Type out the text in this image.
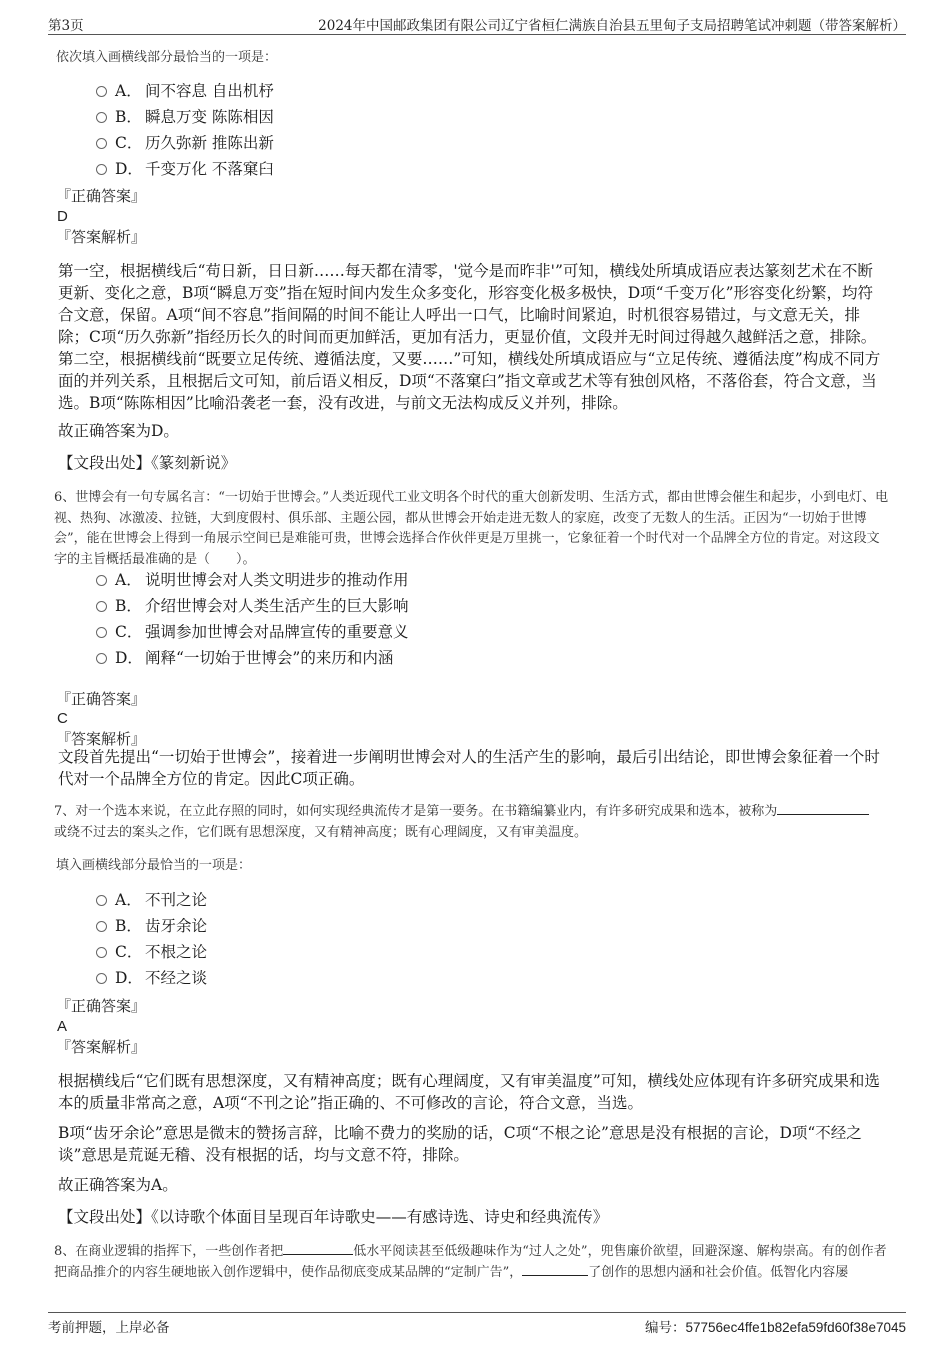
第3页	2024年中国邮政集团有限公司辽宁省桓仁满族自治县五里甸子支局招聘笔试冲刺题（带答案解析）
依次填入画横线部分最恰当的一项是：
A． 间不容息 自出机杼
B． 瞬息万变 陈陈相因
C． 历久弥新 推陈出新
D． 千变万化 不落窠臼
『正确答案』
D
『答案解析』
第一空，根据横线后“苟日新，日日新……每天都在清零，'觉今是而昨非'”可知，横线处所填成语应表达篆刻艺术在不断更新、变化之意，B项“瞬息万变”指在短时间内发生众多变化，形容变化极多极快，D项“千变万化”形容变化纷繁，均符合文意，保留。A项“间不容息”指间隔的时间不能让人呼出一口气，比喻时间紧迫，时机很容易错过，与文意无关，排除；C项“历久弥新”指经历长久的时间而更加鲜活，更加有活力，更显价值，文段并无时间过得越久越鲜活之意，排除。
第二空，根据横线前“既要立足传统、遵循法度，又要……”可知，横线处所填成语应与“立足传统、遵循法度”构成不同方面的并列关系，且根据后文可知，前后语义相反，D项“不落窠臼”指文章或艺术等有独创风格，不落俗套，符合文意，当选。B项“陈陈相因”比喻沿袭老一套，没有改进，与前文无法构成反义并列，排除。
故正确答案为D。
【文段出处】《篆刻新说》
6、世博会有一句专属名言：“一切始于世博会。”人类近现代工业文明各个时代的重大创新发明、生活方式，都由世博会催生和起步，小到电灯、电视、热狗、冰激凌、拉链，大到度假村、俱乐部、主题公园，都从世博会开始走进无数人的家庭，改变了无数人的生活。正因为“一切始于世博会”，能在世博会上得到一角展示空间已是难能可贵，世博会选择合作伙伴更是万里挑一，它象征着一个时代对一个品牌全方位的肯定。对这段文字的主旨概括最准确的是（　　）。
A． 说明世博会对人类文明进步的推动作用
B． 介绍世博会对人类生活产生的巨大影响
C． 强调参加世博会对品牌宣传的重要意义
D． 阐释“一切始于世博会”的来历和内涵
『正确答案』
C
『答案解析』
文段首先提出“一切始于世博会”，接着进一步阐明世博会对人的生活产生的影响，最后引出结论，即世博会象征着一个时代对一个品牌全方位的肯定。因此C项正确。
7、对一个选本来说，在立此存照的同时，如何实现经典流传才是第一要务。在书籍编纂业内，有许多研究成果和选本，被称为
或绕不过去的案头之作，它们既有思想深度，又有精神高度；既有心理阔度，又有审美温度。
填入画横线部分最恰当的一项是：
A． 不刊之论
B． 齿牙余论
C． 不根之论
D． 不经之谈
『正确答案』
A
『答案解析』
根据横线后“它们既有思想深度，又有精神高度；既有心理阔度，又有审美温度”可知，横线处应体现有许多研究成果和选本的质量非常高之意，A项“不刊之论”指正确的、不可修改的言论，符合文意，当选。
B项“齿牙余论”意思是微末的赞扬言辞，比喻不费力的奖励的话，C项“不根之论”意思是没有根据的言论，D项“不经之谈”意思是荒诞无稽、没有根据的话，均与文意不符，排除。
故正确答案为A。
【文段出处】《以诗歌个体面目呈现百年诗歌史——有感诗选、诗史和经典流传》
8、在商业逻辑的指挥下，一些创作者把	低水平阅读甚至低级趣味作为“过人之处”，兜售廉价欲望，回避深邃、解构崇高。有的创作者把商品推介的内容生硬地嵌入创作逻辑中，使作品彻底变成某品牌的“定制广告”，	了创作的思想内涵和社会价值。低智化内容屡
考前押题，上岸必备	编号：57756ec4ffe1b82efa59fd60f38e7045
